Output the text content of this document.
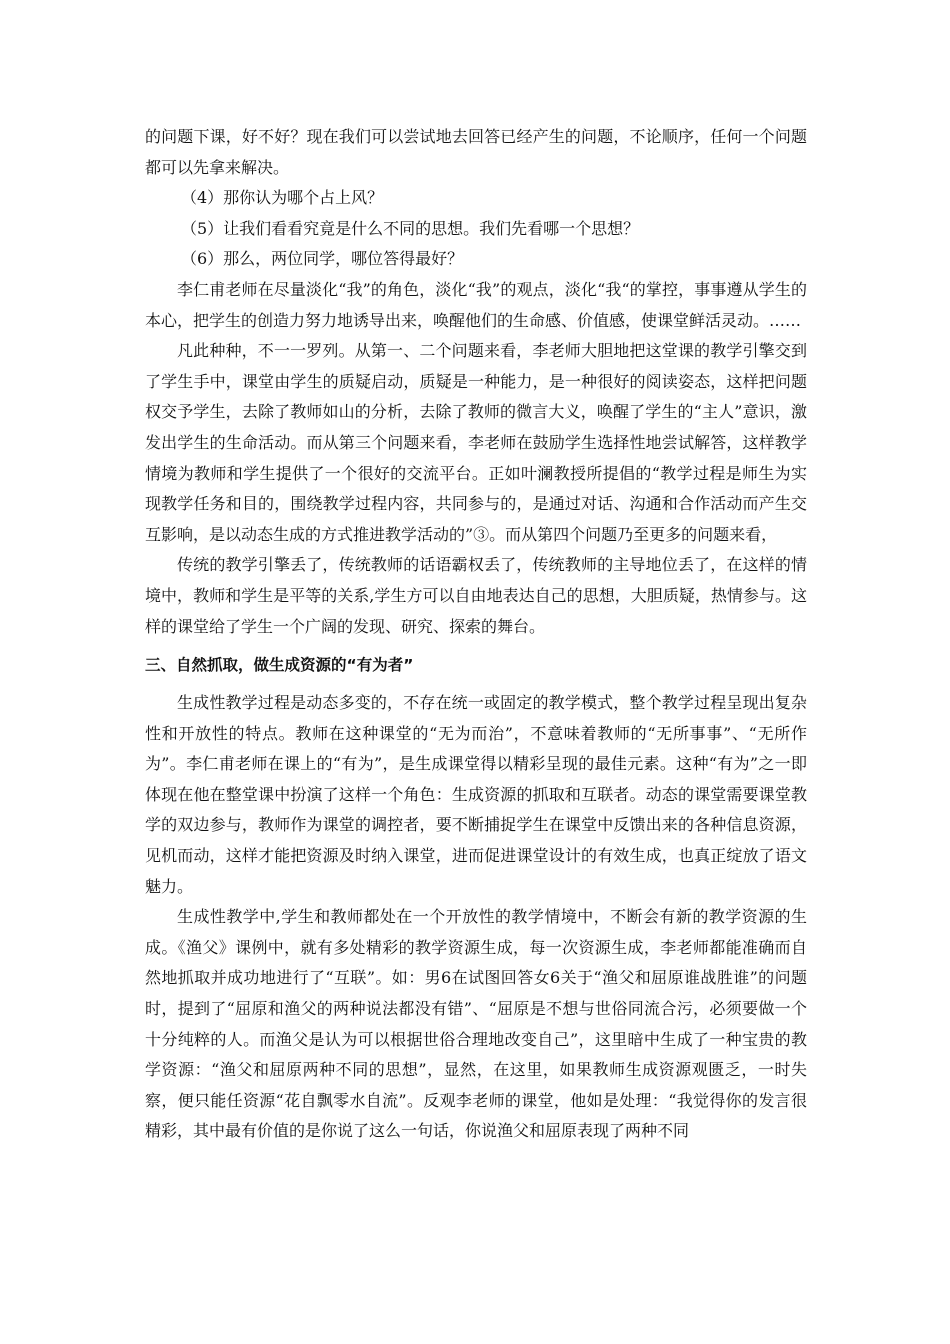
的问题下课，好不好？现在我们可以尝试地去回答已经产生的问题，不论顺序，任何一个问题都可以先拿来解决。

（4）那你认为哪个占上风？

（5）让我们看看究竟是什么不同的思想。我们先看哪一个思想？

（6）那么，两位同学，哪位答得最好？

李仁甫老师在尽量淡化“我”的角色，淡化“我”的观点，淡化“我“的掌控，事事遵从学生的本心，把学生的创造力努力地诱导出来，唤醒他们的生命感、价值感，使课堂鲜活灵动。……

凡此种种，不一一罗列。从第一、二个问题来看，李老师大胆地把这堂课的教学引擎交到了学生手中，课堂由学生的质疑启动，质疑是一种能力，是一种很好的阅读姿态，这样把问题权交予学生，去除了教师如山的分析，去除了教师的微言大义，唤醒了学生的“主人”意识，激发出学生的生命活动。而从第三个问题来看，李老师在鼓励学生选择性地尝试解答，这样教学情境为教师和学生提供了一个很好的交流平台。正如叶澜教授所提倡的“教学过程是师生为实现教学任务和目的，围绕教学过程内容，共同参与的，是通过对话、沟通和合作活动而产生交互影响，是以动态生成的方式推进教学活动的”③。而从第四个问题乃至更多的问题来看，

传统的教学引擎丢了，传统教师的话语霸权丢了，传统教师的主导地位丢了，在这样的情境中，教师和学生是平等的关系,学生方可以自由地表达自己的思想，大胆质疑，热情参与。这样的课堂给了学生一个广阔的发现、研究、探索的舞台。

三、自然抓取，做生成资源的“有为者”

生成性教学过程是动态多变的，不存在统一或固定的教学模式，整个教学过程呈现出复杂性和开放性的特点。教师在这种课堂的“无为而治”，不意味着教师的“无所事事”、“无所作为”。李仁甫老师在课上的“有为”，是生成课堂得以精彩呈现的最佳元素。这种“有为”之一即体现在他在整堂课中扮演了这样一个角色：生成资源的抓取和互联者。动态的课堂需要课堂教学的双边参与，教师作为课堂的调控者，要不断捕捉学生在课堂中反馈出来的各种信息资源，见机而动，这样才能把资源及时纳入课堂，进而促进课堂设计的有效生成，也真正绽放了语文魅力。

生成性教学中,学生和教师都处在一个开放性的教学情境中，不断会有新的教学资源的生成。《渔父》课例中，就有多处精彩的教学资源生成，每一次资源生成，李老师都能准确而自然地抓取并成功地进行了“互联”。如：男6在试图回答女6关于“渔父和屈原谁战胜谁”的问题时，提到了“屈原和渔父的两种说法都没有错”、“屈原是不想与世俗同流合污，必须要做一个十分纯粹的人。而渔父是认为可以根据世俗合理地改变自己”，这里暗中生成了一种宝贵的教学资源：“渔父和屈原两种不同的思想”，显然，在这里，如果教师生成资源观匮乏，一时失察，便只能任资源“花自飘零水自流”。反观李老师的课堂，他如是处理：“我觉得你的发言很精彩，其中最有价值的是你说了这么一句话，你说渔父和屈原表现了两种不同
